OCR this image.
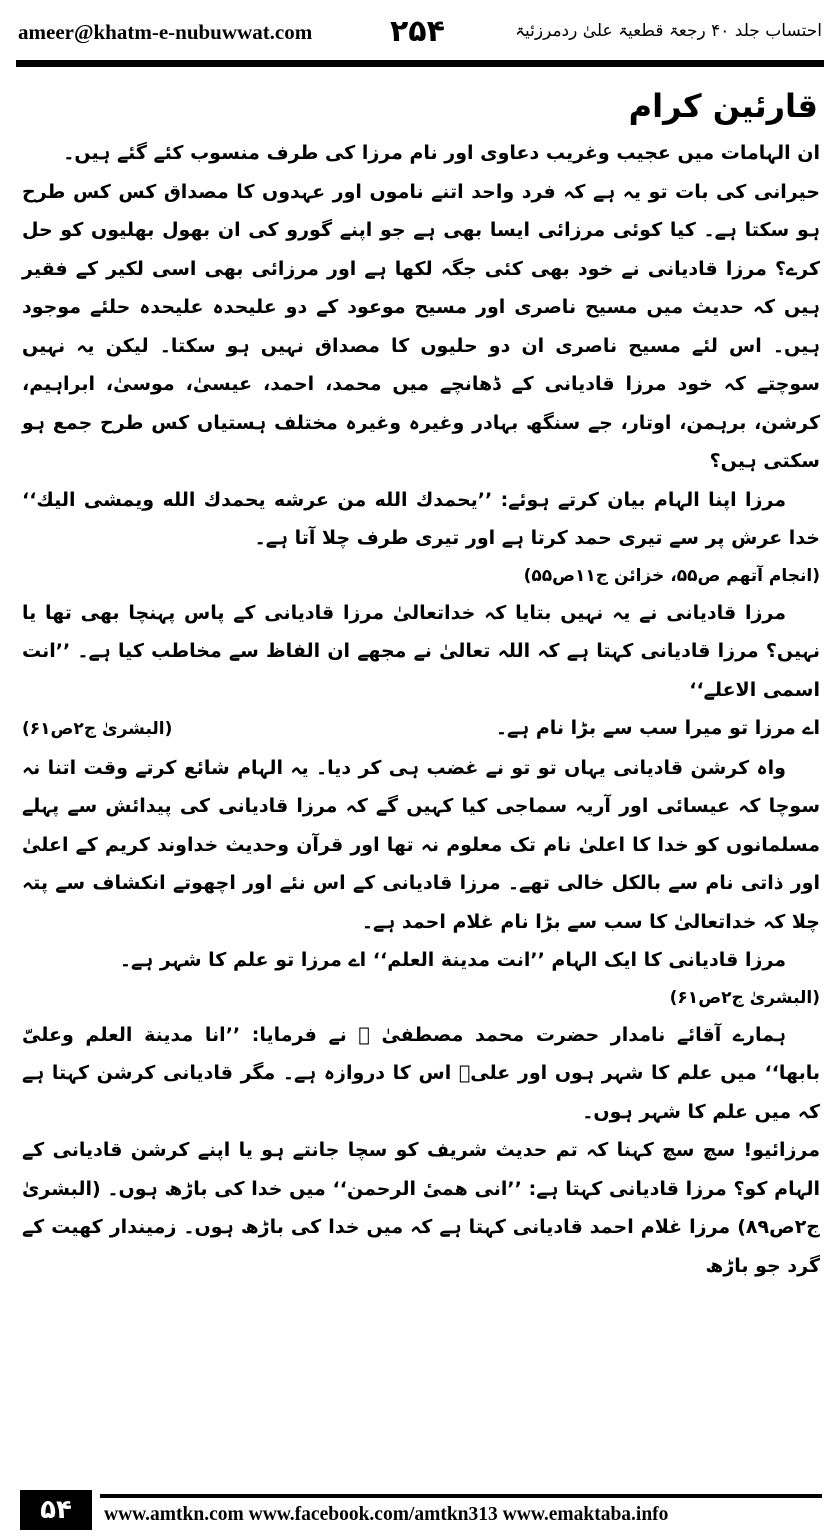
ameer@khatm-e-nubuwwat.com	۲۵۴	احتساب جلد ۴۰ رجعۃ قطعیۃ علیٰ ردمرزئیۃ
قارئین کرام

ان الہامات میں عجیب وغریب دعاوی اور نام مرزا کی طرف منسوب کئے گئے ہیں۔

حیرانی کی بات تو یہ ہے کہ فرد واحد اتنے ناموں اور عہدوں کا مصداق کس کس طرح ہو سکتا ہے۔ کیا کوئی مرزائی ایسا بھی ہے جو اپنے گورو کی ان بھول بھلیوں کو حل کرے؟ مرزا قادیانی نے خود بھی کئی جگہ لکھا ہے اور مرزائی بھی اسی لکیر کے فقیر ہیں کہ حدیث میں مسیح ناصری اور مسیح موعود کے دو علیحدہ علیحدہ حلئے موجود ہیں۔ اس لئے مسیح ناصری ان دو حلیوں کا مصداق نہیں ہو سکتا۔ لیکن یہ نہیں سوچتے کہ خود مرزا قادیانی کے ڈھانچے میں محمد، احمد، عیسیٰ، موسیٰ، ابراہیم، کرشن، برہمن، اوتار، جے سنگھ بہادر وغیرہ وغیرہ مختلف ہستیاں کس طرح جمع ہو سکتی ہیں؟

مرزا اپنا الہام بیان کرتے ہوئے: ’’یحمدك الله من عرشه یحمدك الله ویمشی الیك‘‘ خدا عرش پر سے تیری حمد کرتا ہے اور تیری طرف چلا آتا ہے۔

(انجام آتھم ص۵۵، خزائن ج۱۱ص۵۵)

مرزا قادیانی نے یہ نہیں بتایا کہ خداتعالیٰ مرزا قادیانی کے پاس پہنچا بھی تھا یا نہیں؟ مرزا قادیانی کہتا ہے کہ اللہ تعالیٰ نے مجھے ان الفاظ سے مخاطب کیا ہے۔ ’’انت اسمی الاعلے‘‘

اے مرزا تو میرا سب سے بڑا نام ہے۔
(البشریٰ ج۲ص۶۱)

واہ کرشن قادیانی یہاں تو تو نے غضب ہی کر دیا۔ یہ الہام شائع کرتے وقت اتنا نہ سوچا کہ عیسائی اور آریہ سماجی کیا کہیں گے کہ مرزا قادیانی کی پیدائش سے پہلے مسلمانوں کو خدا کا اعلیٰ نام تک معلوم نہ تھا اور قرآن وحدیث خداوند کریم کے اعلیٰ اور ذاتی نام سے بالکل خالی تھے۔ مرزا قادیانی کے اس نئے اور اچھوتے انکشاف سے پتہ چلا کہ خداتعالیٰ کا سب سے بڑا نام غلام احمد ہے۔

مرزا قادیانی کا ایک الہام ’’انت مدینة العلم‘‘ اے مرزا تو علم کا شہر ہے۔

(البشریٰ ج۲ص۶۱)

ہمارے آقائے نامدار حضرت محمد مصطفیٰ ﷺ نے فرمایا: ’’انا مدینة العلم وعلیّ بابها‘‘ میں علم کا شہر ہوں اور علیؓ اس کا دروازہ ہے۔ مگر قادیانی کرشن کہتا ہے کہ میں علم کا شہر ہوں۔

مرزائیو! سچ سچ کہنا کہ تم حدیث شریف کو سچا جانتے ہو یا اپنے کرشن قادیانی کے الہام کو؟ مرزا قادیانی کہتا ہے: ’’انی همیٔ الرحمن‘‘ میں خدا کی باڑھ ہوں۔ (البشریٰ ج۲ص۸۹) مرزا غلام احمد قادیانی کہتا ہے کہ میں خدا کی باڑھ ہوں۔ زمیندار کھیت کے گرد جو باڑھ

۵۴	www.amtkn.com www.facebook.com/amtkn313 www.emaktaba.info
